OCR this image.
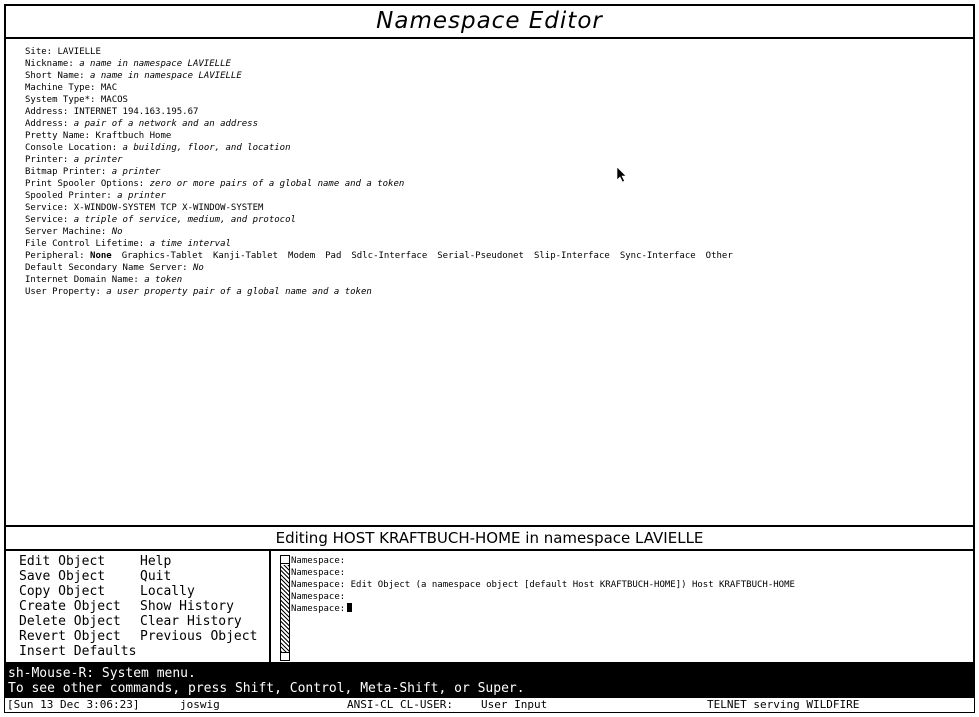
Namespace Editor
Site: LAVIELLE
Nickname: a name in namespace LAVIELLE
Short Name: a name in namespace LAVIELLE
Machine Type: MAC
System Type*: MACOS
Address: INTERNET 194.163.195.67
Address: a pair of a network and an address
Pretty Name: Kraftbuch Home
Console Location: a building, floor, and location
Printer: a printer
Bitmap Printer: a printer
Print Spooler Options: zero or more pairs of a global name and a token
Spooled Printer: a printer
Service: X-WINDOW-SYSTEM TCP X-WINDOW-SYSTEM
Service: a triple of service, medium, and protocol
Server Machine: No
File Control Lifetime: a time interval
Peripheral: None Graphics-Tablet Kanji-Tablet Modem Pad Sdlc-Interface Serial-Pseudonet Slip-Interface Sync-Interface Other
Default Secondary Name Server: No
Internet Domain Name: a token
User Property: a user property pair of a global name and a token
Editing HOST KRAFTBUCH-HOME in namespace LAVIELLE
Edit Object
Save Object
Copy Object
Create Object
Delete Object
Revert Object
Insert Defaults
Help
Quit
Locally
Show History
Clear History
Previous Object
Namespace:
Namespace:
Namespace: Edit Object (a namespace object [default Host KRAFTBUCH-HOME]) Host KRAFTBUCH-HOME
Namespace:
Namespace:
sh-Mouse-R: System menu.
To see other commands, press Shift, Control, Meta-Shift, or Super.
[Sun 13 Dec 3:06:23]	joswig	ANSI-CL CL-USER:	User Input	TELNET serving WILDFIRE
